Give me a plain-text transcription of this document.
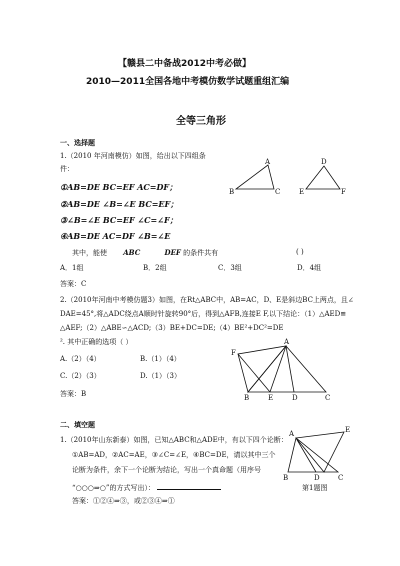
【赣县二中备战2012中考必做】
2010—2011全国各地中考模仿数学试题重组汇编
全等三角形
一、选择题
1.（2010 年河南模仿）如图，给出以下四组条
件：
①AB=DE BC=EF AC=DF；
②AB=DE ∠B=∠E BC=EF；
③∠B=∠E BC=EF ∠C=∠F；
④AB=DE AC=DF ∠B=∠E
其中，能使 ABC	DEF 的条件共有	( )
A．1组	B．2组	C．3组	D．4组
答案：C
A
B	C
D
E	F
2.（2010年河南中考模仿题3）如图，在Rt△ABC中，AB=AC，D、E是斜边BC上两点，且∠
DAE=45°,将△ADC绕点A顺时针旋转90°后，得到△AFB,连接E F,以下结论：（1）△AED≌
△AEF;（2）△ABE∽△ACD;（3）BE+DC=DE;（4）BE²+DC²=DE
². 其中正确的选项（ ）
A.（2）（4）	B.（1）（4）
C.（2）（3）	D.（1）（3）
答案：B
A
F
B	E	D	C
二、填空题
1.（2010年山东新泰）如图，已知△ABC和△ADE中，有以下四个论断：
①AB=AD，②AC=AE，③∠C=∠E，④BC=DE，请以其中三个
论断为条件，余下一个论断为结论，写出一个真命题（用序号
“○○○⇒○”的方式写出）：
答案：①②④⇒③，或②③④⇒①
A	E
D
B	C
第1题图
